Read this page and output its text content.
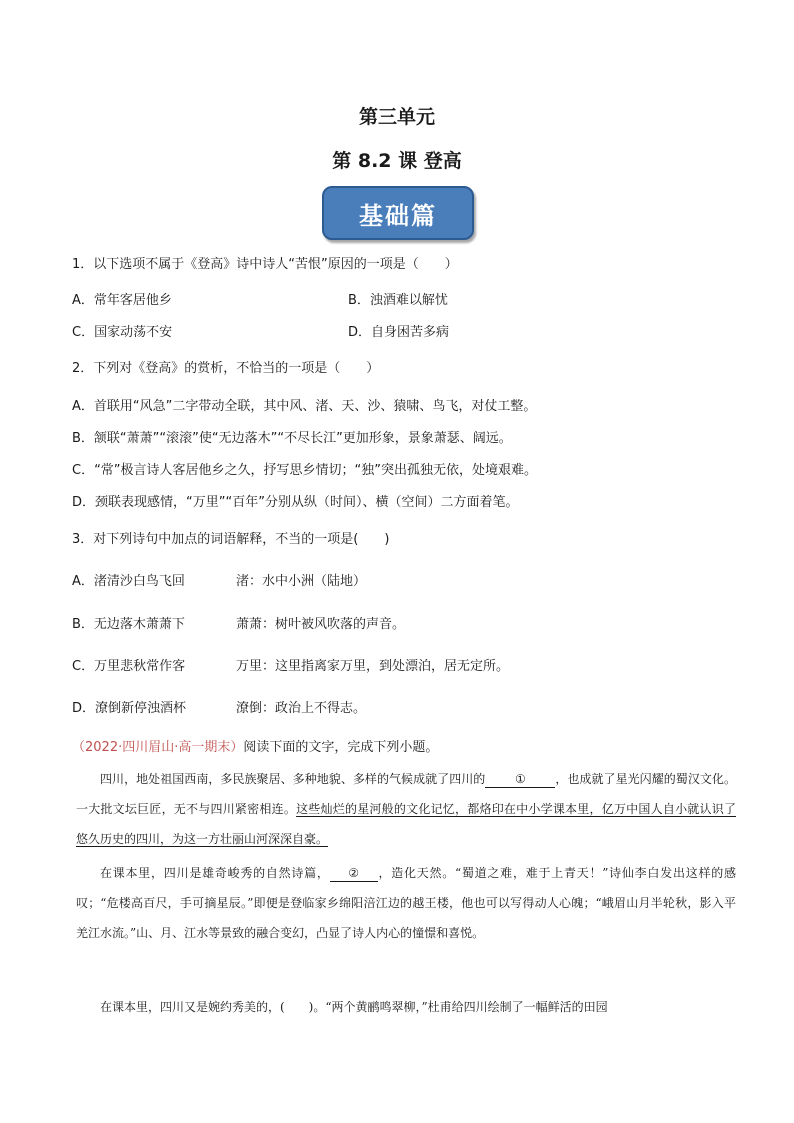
第三单元
第 8.2 课 登高
基础篇
1．以下选项不属于《登高》诗中诗人“苦恨”原因的一项是（　　）
A．常年客居他乡	B．浊酒难以解忧
C．国家动荡不安	D．自身困苦多病
2．下列对《登高》的赏析，不恰当的一项是（　　）
A．首联用“风急”二字带动全联，其中风、渚、天、沙、猿啸、鸟飞，对仗工整。
B．颔联“萧萧”“滚滚”使“无边落木”“不尽长江”更加形象，景象萧瑟、阔远。
C．“常”极言诗人客居他乡之久，抒写思乡情切；“独”突出孤独无依，处境艰难。
D．颈联表现感情，“万里”“百年”分别从纵（时间）、横（空间）二方面着笔。
3．对下列诗句中加点的词语解释，不当的一项是(　　)
A．渚清沙白鸟飞回	渚：水中小洲（陆地）
B．无边落木萧萧下	萧萧：树叶被风吹落的声音。
C．万里悲秋常作客	万里：这里指离家万里，到处漂泊，居无定所。
D．潦倒新停浊酒杯	潦倒：政治上不得志。
（2022·四川眉山·高一期末）阅读下面的文字，完成下列小题。

四川，地处祖国西南，多民族聚居、多种地貌、多样的气候成就了四川的 ① ，也成就了星光闪耀的蜀汉文化。一大批文坛巨匠，无不与四川紧密相连。这些灿烂的星河般的文化记忆，都烙印在中小学课本里，亿万中国人自小就认识了悠久历史的四川，为这一方壮丽山河深深自豪。

在课本里，四川是雄奇峻秀的自然诗篇， ② ，造化天然。“蜀道之难，难于上青天！”诗仙李白发出这样的感叹；“危楼高百尺，手可摘星辰。”即便是登临家乡绵阳涪江边的越王楼，他也可以写得动人心魄；“峨眉山月半轮秋，影入平羌江水流。”山、月、江水等景致的融合变幻，凸显了诗人内心的憧憬和喜悦。

在课本里，四川又是婉约秀美的，(　　)。“两个黄鹂鸣翠柳，”杜甫给四川绘制了一幅鲜活的田园
